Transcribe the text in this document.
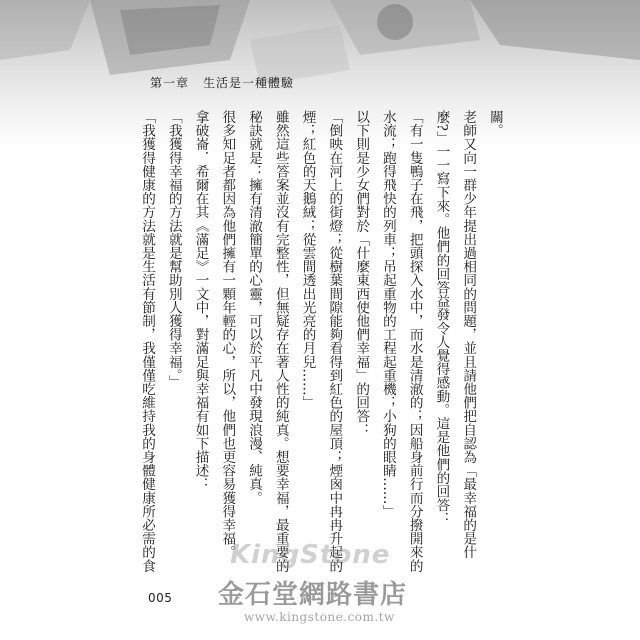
第一章 生活是一種體驗
關。
老師又向一群少年提出過相同的問題，並且請他們把自認為「最幸福的是什
麼?」一一寫下來。他們的回答益發令人覺得感動。這是他們的回答：
「有一隻鴨子在飛，把頭探入水中，而水是清澈的；因船身前行而分撥開來的
水流；跑得飛快的列車；吊起重物的工程起重機；小狗的眼睛……」
以下則是少女們對於「什麼東西使他們幸福」的回答：
「倒映在河上的街燈；從樹葉間隙能夠看得到紅色的屋頂；煙囪中冉冉升起的
煙；紅色的天鵝絨；從雲間透出光亮的月兒……」
雖然這些答案並沒有完整性，但無疑存在著人性的純真。想要幸福，最重要的
秘訣就是：擁有清澈簡單的心靈，可以於平凡中發現浪漫、純真。
很多知足者都因為他們擁有一顆年輕的心，所以，他們也更容易獲得幸福。
拿破崙．希爾在其《滿足》一文中，對滿足與幸福有如下描述：
「我獲得幸福的方法就是幫助別人獲得幸福。」
「我獲得健康的方法就是生活有節制，我僅僅吃維持我的身體健康所必需的食
005
KingStone
金石堂網路書店
www.kingstone.com.tw
